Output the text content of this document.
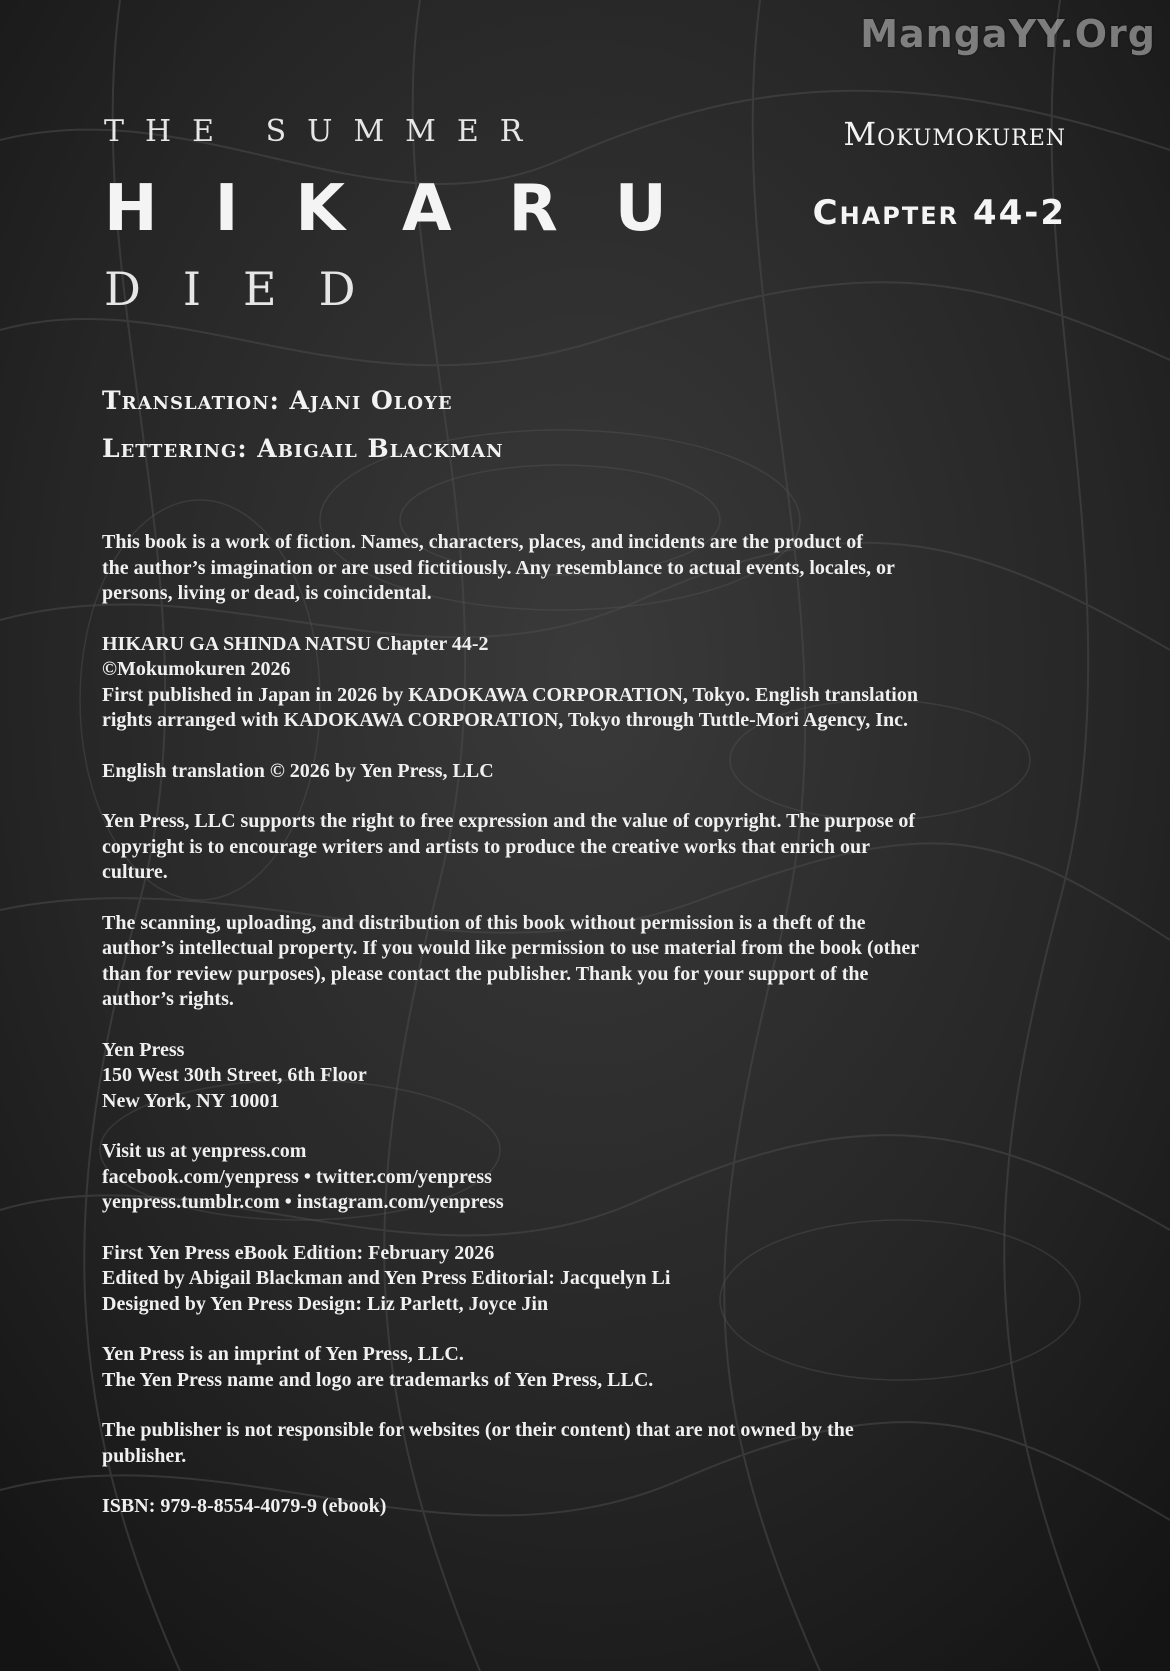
MangaYY.Org
THE SUMMER
HIKARU
DIED
Mokumokuren
Chapter 44-2
Translation: Ajani Oloye
Lettering: Abigail Blackman

This book is a work of fiction. Names, characters, places, and incidents are the product of
the author’s imagination or are used fictitiously. Any resemblance to actual events, locales, or
persons, living or dead, is coincidental.

HIKARU GA SHINDA NATSU Chapter 44-2
©Mokumokuren 2026
First published in Japan in 2026 by KADOKAWA CORPORATION, Tokyo. English translation
rights arranged with KADOKAWA CORPORATION, Tokyo through Tuttle-Mori Agency, Inc.

English translation © 2026 by Yen Press, LLC

Yen Press, LLC supports the right to free expression and the value of copyright. The purpose of
copyright is to encourage writers and artists to produce the creative works that enrich our
culture.

The scanning, uploading, and distribution of this book without permission is a theft of the
author’s intellectual property. If you would like permission to use material from the book (other
than for review purposes), please contact the publisher. Thank you for your support of the
author’s rights.

Yen Press
150 West 30th Street, 6th Floor
New York, NY 10001

Visit us at yenpress.com
facebook.com/yenpress • twitter.com/yenpress
yenpress.tumblr.com • instagram.com/yenpress

First Yen Press eBook Edition: February 2026
Edited by Abigail Blackman and Yen Press Editorial: Jacquelyn Li
Designed by Yen Press Design: Liz Parlett, Joyce Jin

Yen Press is an imprint of Yen Press, LLC.
The Yen Press name and logo are trademarks of Yen Press, LLC.

The publisher is not responsible for websites (or their content) that are not owned by the
publisher.

ISBN: 979-8-8554-4079-9 (ebook)
